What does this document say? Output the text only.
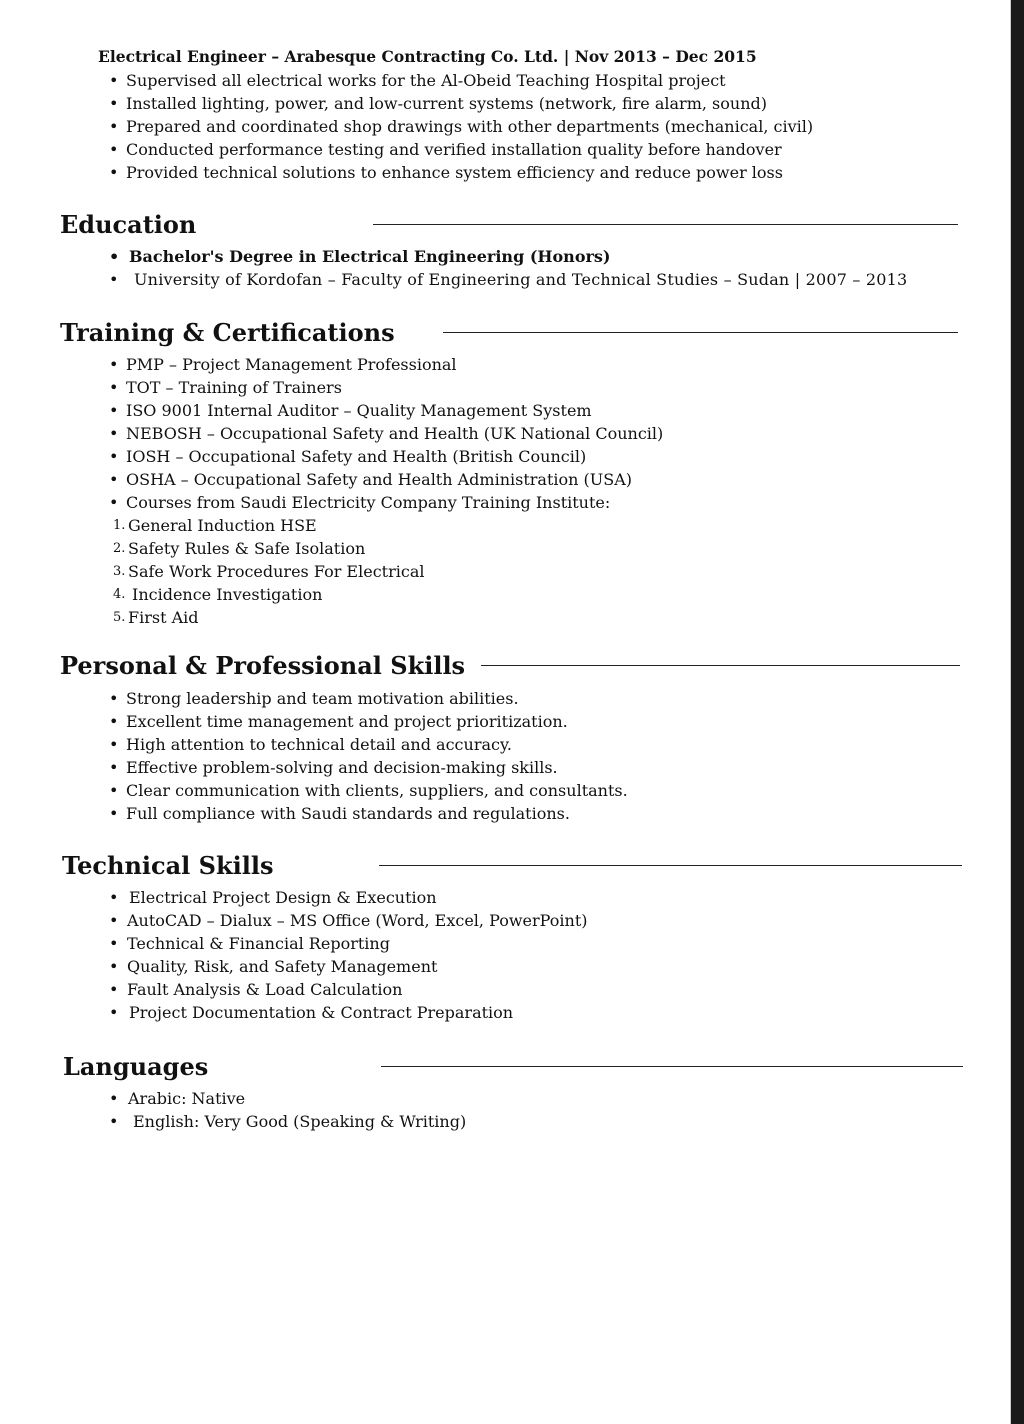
Electrical Engineer – Arabesque Contracting Co. Ltd. | Nov 2013 – Dec 2015
• Supervised all electrical works for the Al-Obeid Teaching Hospital project
• Installed lighting, power, and low-current systems (network, fire alarm, sound)
• Prepared and coordinated shop drawings with other departments (mechanical, civil)
• Conducted performance testing and verified installation quality before handover
• Provided technical solutions to enhance system efficiency and reduce power loss
Education
• Bachelor's Degree in Electrical Engineering (Honors)
• University of Kordofan – Faculty of Engineering and Technical Studies – Sudan | 2007 – 2013
Training & Certifications
• PMP – Project Management Professional
• TOT – Training of Trainers
• ISO 9001 Internal Auditor – Quality Management System
• NEBOSH – Occupational Safety and Health (UK National Council)
• IOSH – Occupational Safety and Health (British Council)
• OSHA – Occupational Safety and Health Administration (USA)
• Courses from Saudi Electricity Company Training Institute:
1. General Induction HSE
2. Safety Rules & Safe Isolation
3. Safe Work Procedures For Electrical
4. Incidence Investigation
5. First Aid
Personal & Professional Skills
• Strong leadership and team motivation abilities.
• Excellent time management and project prioritization.
• High attention to technical detail and accuracy.
• Effective problem-solving and decision-making skills.
• Clear communication with clients, suppliers, and consultants.
• Full compliance with Saudi standards and regulations.
Technical Skills
• Electrical Project Design & Execution
• AutoCAD – Dialux – MS Office (Word, Excel, PowerPoint)
• Technical & Financial Reporting
• Quality, Risk, and Safety Management
• Fault Analysis & Load Calculation
• Project Documentation & Contract Preparation
Languages
• Arabic: Native
• English: Very Good (Speaking & Writing)
